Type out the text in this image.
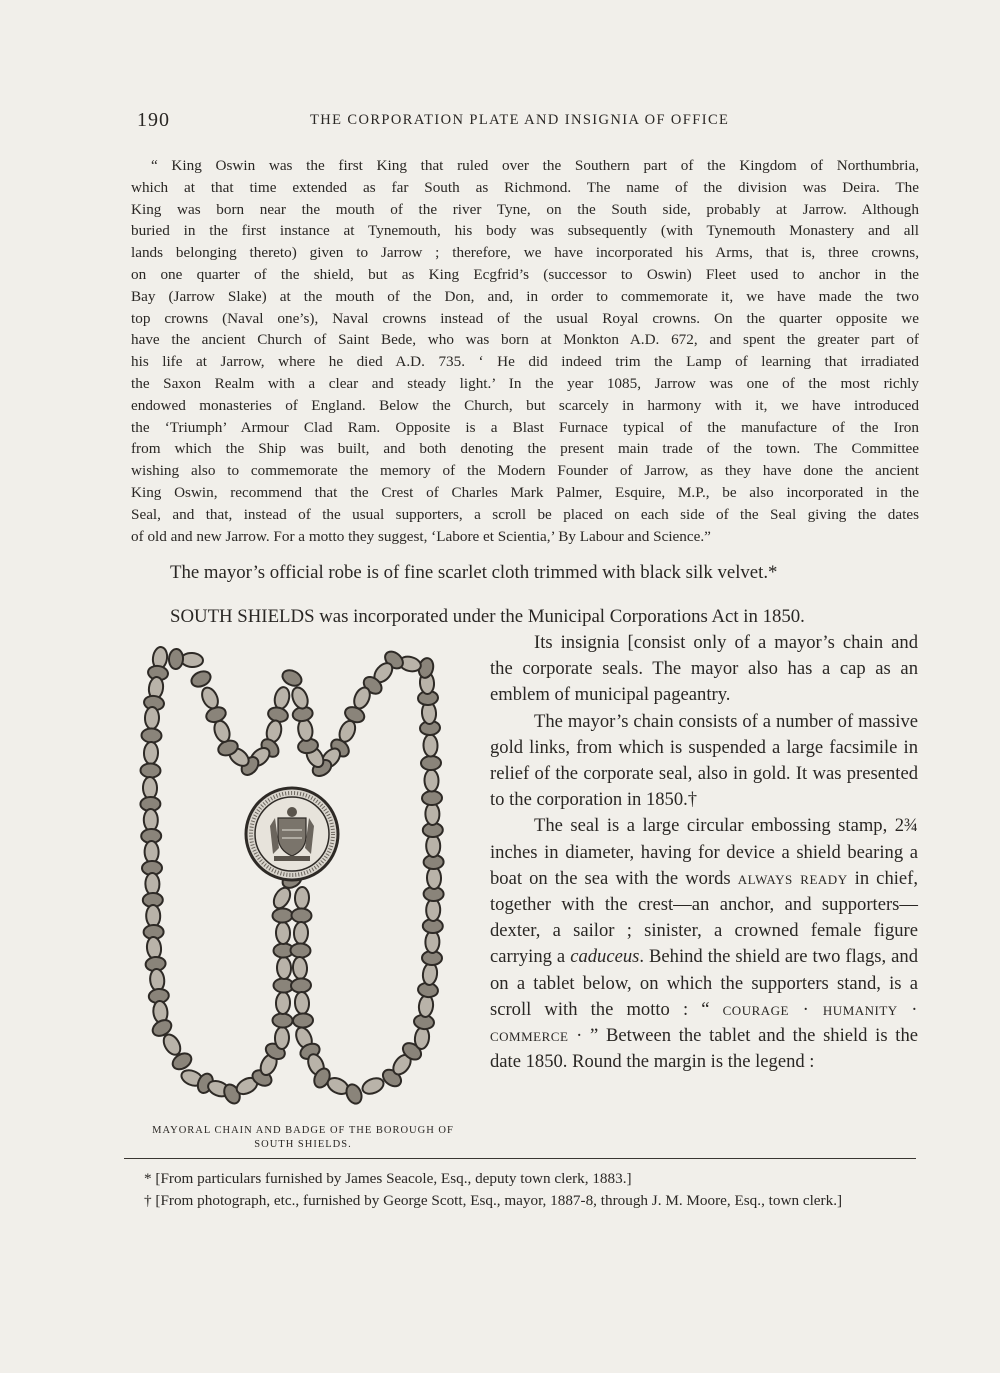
190	THE CORPORATION PLATE AND INSIGNIA OF OFFICE
“ King Oswin was the first King that ruled over the Southern part of the Kingdom of Northumbria,
which at that time extended as far South as Richmond. The name of the division was Deira. The
King was born near the mouth of the river Tyne, on the South side, probably at Jarrow. Although
buried in the first instance at Tynemouth, his body was subsequently (with Tynemouth Monastery and all
lands belonging thereto) given to Jarrow ; therefore, we have incorporated his Arms, that is, three crowns,
on one quarter of the shield, but as King Ecgfrid’s (successor to Oswin) Fleet used to anchor in the
Bay (Jarrow Slake) at the mouth of the Don, and, in order to commemorate it, we have made the two
top crowns (Naval one’s), Naval crowns instead of the usual Royal crowns. On the quarter opposite we
have the ancient Church of Saint Bede, who was born at Monkton A.D. 672, and spent the greater part of
his life at Jarrow, where he died A.D. 735. ‘ He did indeed trim the Lamp of learning that irradiated
the Saxon Realm with a clear and steady light.’ In the year 1085, Jarrow was one of the most richly
endowed monasteries of England. Below the Church, but scarcely in harmony with it, we have introduced
the ‘Triumph’ Armour Clad Ram. Opposite is a Blast Furnace typical of the manufacture of the Iron
from which the Ship was built, and both denoting the present main trade of the town. The Committee
wishing also to commemorate the memory of the Modern Founder of Jarrow, as they have done the ancient
King Oswin, recommend that the Crest of Charles Mark Palmer, Esquire, M.P., be also incorporated in the
Seal, and that, instead of the usual supporters, a scroll be placed on each side of the Seal giving the dates
of old and new Jarrow. For a motto they suggest, ‘Labore et Scientia,’ By Labour and Science.”
The mayor’s official robe is of fine scarlet cloth trimmed with black silk velvet.*
SOUTH SHIELDS was incorporated under the Municipal Corporations Act in 1850.
MAYORAL CHAIN AND BADGE OF THE BOROUGH OF SOUTH SHIELDS.

Its insignia [consist only of a mayor’s chain and the corporate seals. The mayor also has a cap as an emblem of municipal pageantry.

The mayor’s chain consists of a number of massive gold links, from which is suspended a large facsimile in relief of the corporate seal, also in gold. It was presented to the corporation in 1850.†

The seal is a large circular embossing stamp, 2¾ inches in diameter, having for device a shield bearing a boat on the sea with the words always ready in chief, together with the crest—an anchor, and supporters—dexter, a sailor ; sinister, a crowned female figure carrying a caduceus. Behind the shield are two flags, and on a tablet below, on which the supporters stand, is a scroll with the motto : “ courage · humanity · commerce · ” Between the tablet and the shield is the date 1850. Round the margin is the legend :

* [From particulars furnished by James Seacole, Esq., deputy town clerk, 1883.]

† [From photograph, etc., furnished by George Scott, Esq., mayor, 1887-8, through J. M. Moore, Esq., town clerk.]
